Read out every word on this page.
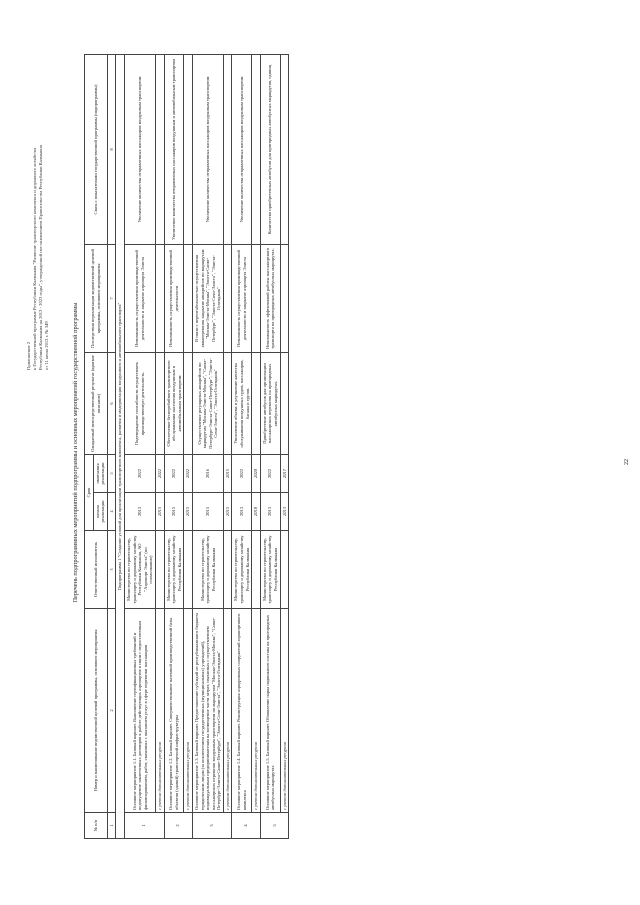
Приложение 2 к Государственной программе Республики Калмыкия "Развитие транспортного комплекса и дорожного хозяйства Республики Калмыкия на 2013 - 2023 годы", утвержденной постановлением Правительства Республики Калмыкия от 11 июля 2013 г. № 349	Перечень подпрограммных мероприятий подпрограммы и основных мероприятий государственной программы
№ п/п	Номер и наименование ведомственной целевой программы, основного мероприятия	Ответственный исполнитель	Срок		Ожидаемый непосредственный результат (краткое описание)	Последствия нереализации ведомственной целевой программы, основного мероприятия	Связь с показателями государственной программы (подпрограммы)
			начала реализации	окончания реализации			
1	2	3	4	5	6	7	8
Подпрограмма 1 "Создание условий для организации транспортного комплекса, развития и модернизации воздушного и автомобильного транспорта"							
1	Основное мероприятие 1.1. Базовый вариант. Выполнение сертификационных требований и недопущение заключенных договоров к работе действующих аэропортов в связи с недостаточным финансированием, работ, связанных с оказанием услуг в сфере перевозки пассажиров	Министерство по строительству, транспорту и дорожному хозяйству Республики Калмыкия, АО "Аэропорт Элиста" (по согласованию)	2013	2022	Подтверждение способности осуществлять производственную деятельность.	Невозможность осуществления производственной деятельности и закрытие аэропорта Элиста	Увеличение количества отправленных пассажиров воздушным транспортом
	с учетом дополнительных ресурсов		2015	2022			
2	Основное мероприятие 1.2. Базовый вариант. Совершенствование наземной производственной базы объектов (зданий) транспортной инфраструктуры	Министерство по строительству, транспорту и дорожному хозяйству Республики Калмыкия	2015	2022	Обеспечение бесперебойного транспортного обслуживания населения воздушным и автомобильным транспортом	Невозможность осуществления производственной деятельности	Увеличение количества отправленных пассажиров воздушным и автомобильным транспортом
	с учетом дополнительных ресурсов		2015	2022			
3	Основное мероприятие 1.3. Базовый вариант. Предоставление субсидий из республиканского бюджета юридическим лицам (за исключением государственных (муниципальных) учреждений), индивидуальным предпринимателям на возмещение части затрат, связанных с осуществлением пассажирских перевозок воздушным транспортом по маршрутам "Москва-Элиста-Москва", "Санкт-Петербург-Элиста-Санкт-Петербург", "Элиста-Сочи-Элиста", "Элиста-Геленджик"	Министерство по строительству, транспорту и дорожному хозяйству Республики Калмыкия	2015	2016	Осуществление регулярных авиарейсов по маршрутам "Москва-Элиста-Москва", "Санкт-Петербург-Элиста-Санкт-Петербург", "Элиста-Сочи-Элиста", "Элиста-Геленджик"	В связи с нерентабельностью осуществления авиаперевозок закрытие авиарейсов по маршрутам "Москва-Элиста-Москва", "Элиста-Санкт-Петербург", "Элиста-Сочи-Элиста", "Элиста-Геленджик"	Увеличение количества отправленных пассажиров воздушным транспортом
	с учетом дополнительных ресурсов		2015	2015			
4	Основное мероприятие 1.4. Базовый вариант. Реконструкция аэродромных сооружений аэропортового комплекса	Министерство по строительству, транспорту и дорожному хозяйству Республики Калмыкия	2013	2022	Увеличение объема и улучшение качества обслуживания воздушных судов, пассажиров, багажа и грузов.	Невозможность осуществления производственной деятельности и закрытие аэропорта Элиста	Увеличение количества отправленных пассажиров воздушным транспортом
	с учетом дополнительных ресурсов		2018	2020			
5	Основное мероприятие 1.5. Базовый вариант. Обновление парка подвижного состава на пригородных автобусных маршрутах	Министерство по строительству, транспорту и дорожному хозяйству Республики Калмыкия	2013	2022	Приобретение автобусов для организации пассажирских перевозок на пригородных автобусных маршрутах.	Невозможность эффективной работы пассажирского транспорта на пригородных автобусных маршрутах.	Количество приобретенных автобусов для пригородных автобусных маршрутов, единиц
	с учетом дополнительных ресурсов		2013	2017			
22
